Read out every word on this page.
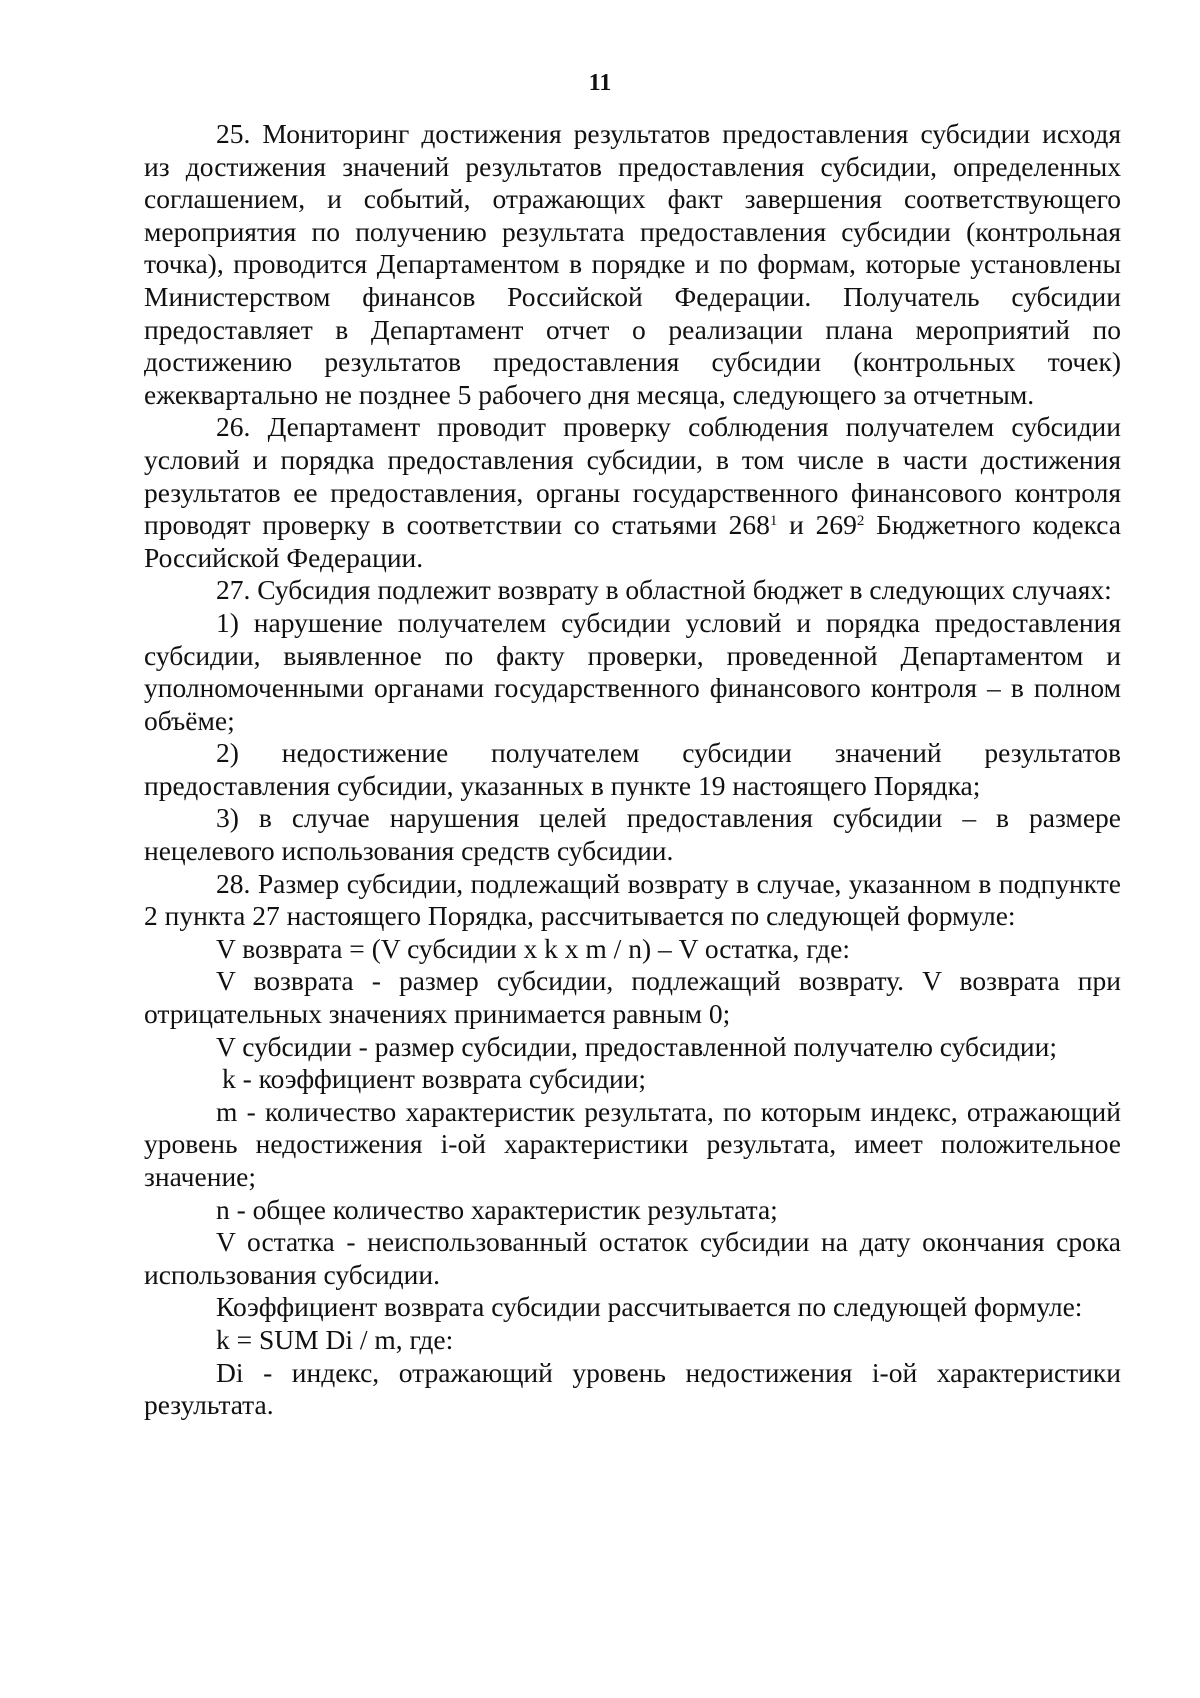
11

25. Мониторинг достижения результатов предоставления субсидии исходя из достижения значений результатов предоставления субсидии, определенных соглашением, и событий, отражающих факт завершения соответствующего мероприятия по получению результата предоставления субсидии (контрольная точка), проводится Департаментом в порядке и по формам, которые установлены Министерством финансов Российской Федерации. Получатель субсидии предоставляет в Департамент отчет о реализации плана мероприятий по достижению результатов предоставления субсидии (контрольных точек) ежеквартально не позднее 5 рабочего дня месяца, следующего за отчетным.

26. Департамент проводит проверку соблюдения получателем субсидии условий и порядка предоставления субсидии, в том числе в части достижения результатов ее предоставления, органы государственного финансового контроля проводят проверку в соответствии со статьями $268^1$ и $269^2$ Бюджетного кодекса Российской Федерации.

27. Субсидия подлежит возврату в областной бюджет в следующих случаях:

1) нарушение получателем субсидии условий и порядка предоставления субсидии, выявленное по факту проверки, проведенной Департаментом и уполномоченными органами государственного финансового контроля – в полном объёме;

2) недостижение получателем субсидии значений результатов предоставления субсидии, указанных в пункте 19 настоящего Порядка;

3) в случае нарушения целей предоставления субсидии – в размере нецелевого использования средств субсидии.

28. Размер субсидии, подлежащий возврату в случае, указанном в подпункте 2 пункта 27 настоящего Порядка, рассчитывается по следующей формуле:

V возврата = (V субсидии x k x m / n) – V остатка, где:

V возврата - размер субсидии, подлежащий возврату. V возврата при отрицательных значениях принимается равным 0;

V субсидии - размер субсидии, предоставленной получателю субсидии;

k - коэффициент возврата субсидии;

m - количество характеристик результата, по которым индекс, отражающий уровень недостижения i-ой характеристики результата, имеет положительное значение;

n - общее количество характеристик результата;

V остатка - неиспользованный остаток субсидии на дату окончания срока использования субсидии.

Коэффициент возврата субсидии рассчитывается по следующей формуле:

k = SUM Di / m, где:

Di - индекс, отражающий уровень недостижения i-ой характеристики результата.
